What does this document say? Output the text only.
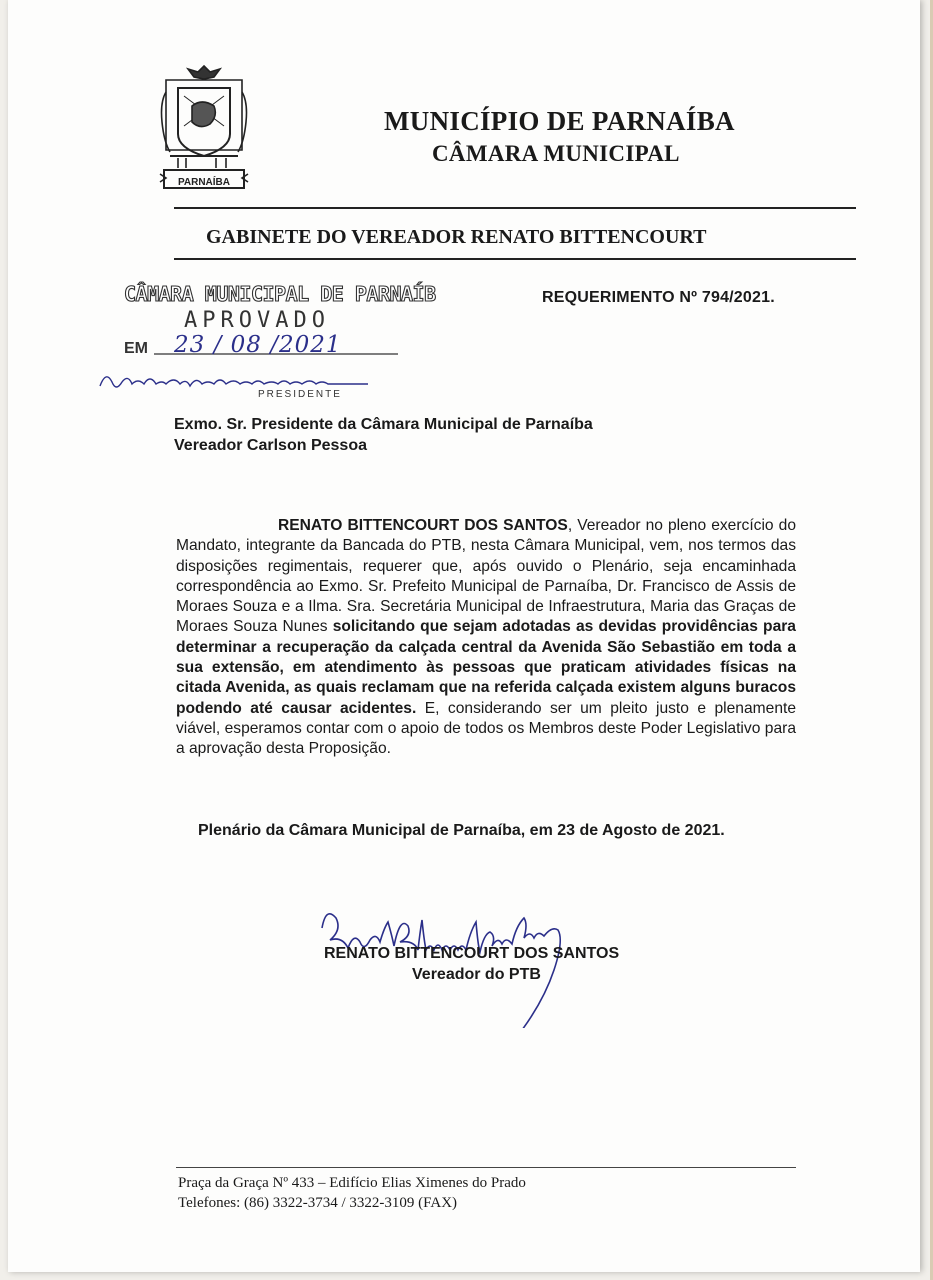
PARNAÍBA
MUNICÍPIO DE PARNAÍBA
CÂMARA MUNICIPAL
GABINETE DO VEREADOR RENATO BITTENCOURT
CÂMARA MUNICIPAL DE PARNAÍB
APROVADO
EM 23 / 08 /2021
PRESIDENTE
REQUERIMENTO Nº 794/2021.
Exmo. Sr. Presidente da Câmara Municipal de Parnaíba
Vereador Carlson Pessoa
RENATO BITTENCOURT DOS SANTOS, Vereador no pleno exercício do Mandato, integrante da Bancada do PTB, nesta Câmara Municipal, vem, nos termos das disposições regimentais, requerer que, após ouvido o Plenário, seja encaminhada correspondência ao Exmo. Sr. Prefeito Municipal de Parnaíba, Dr. Francisco de Assis de Moraes Souza e a Ilma. Sra. Secretária Municipal de Infraestrutura, Maria das Graças de Moraes Souza Nunes solicitando que sejam adotadas as devidas providências para determinar a recuperação da calçada central da Avenida São Sebastião em toda a sua extensão, em atendimento às pessoas que praticam atividades físicas na citada Avenida, as quais reclamam que na referida calçada existem alguns buracos podendo até causar acidentes. E, considerando ser um pleito justo e plenamente viável, esperamos contar com o apoio de todos os Membros deste Poder Legislativo para a aprovação desta Proposição.
Plenário da Câmara Municipal de Parnaíba, em 23 de Agosto de 2021.
RENATO BITTENCOURT DOS SANTOS
Vereador do PTB
Praça da Graça Nº 433 – Edifício Elias Ximenes do Prado
Telefones: (86) 3322-3734 / 3322-3109 (FAX)
